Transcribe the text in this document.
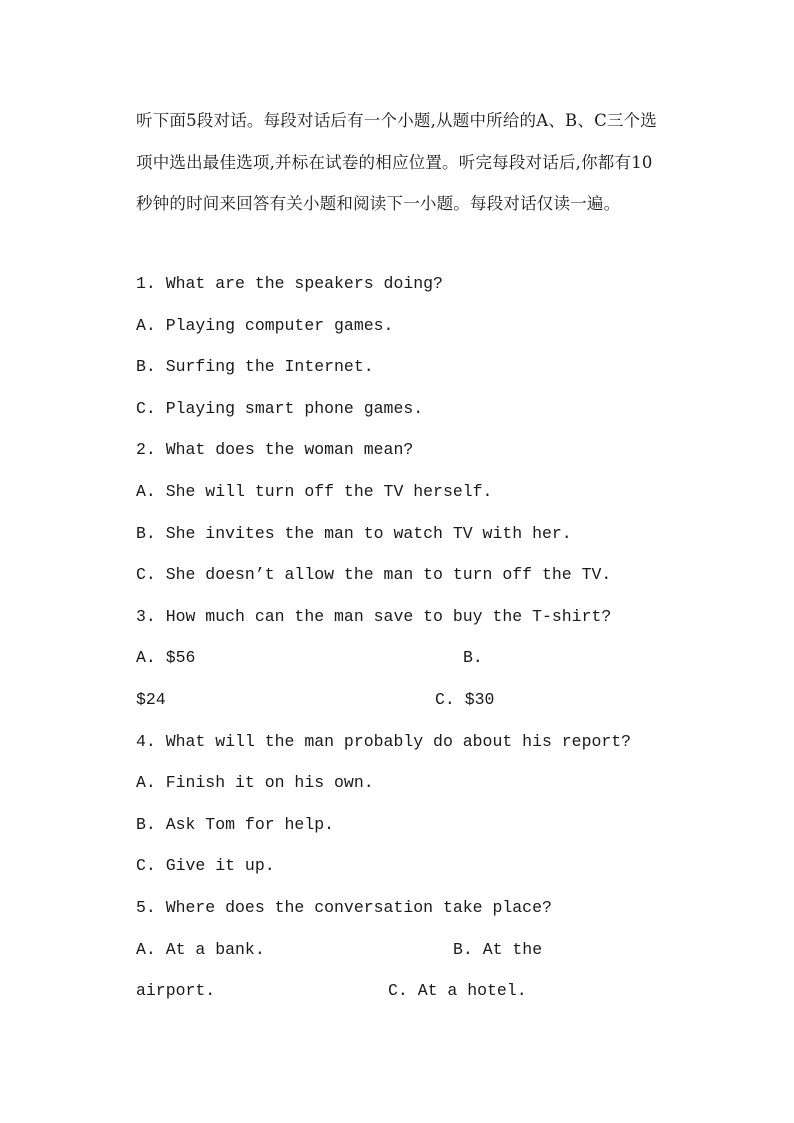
听下面5段对话。每段对话后有一个小题,从题中所给的A、B、C三个选项中选出最佳选项,并标在试卷的相应位置。听完每段对话后,你都有10秒钟的时间来回答有关小题和阅读下一小题。每段对话仅读一遍。
1. What are the speakers doing?
A. Playing computer games.
B. Surfing the Internet.
C. Playing smart phone games.
2. What does the woman mean?
A. She will turn off the TV herself.
B. She invites the man to watch TV with her.
C. She doesn’t allow the man to turn off the TV.
3. How much can the man save to buy the T-shirt?
A. $56	B.
$24	C. $30
4. What will the man probably do about his report?
A. Finish it on his own.
B. Ask Tom for help.
C. Give it up.
5. Where does the conversation take place?
A. At a bank.	B. At the
airport.	C. At a hotel.
